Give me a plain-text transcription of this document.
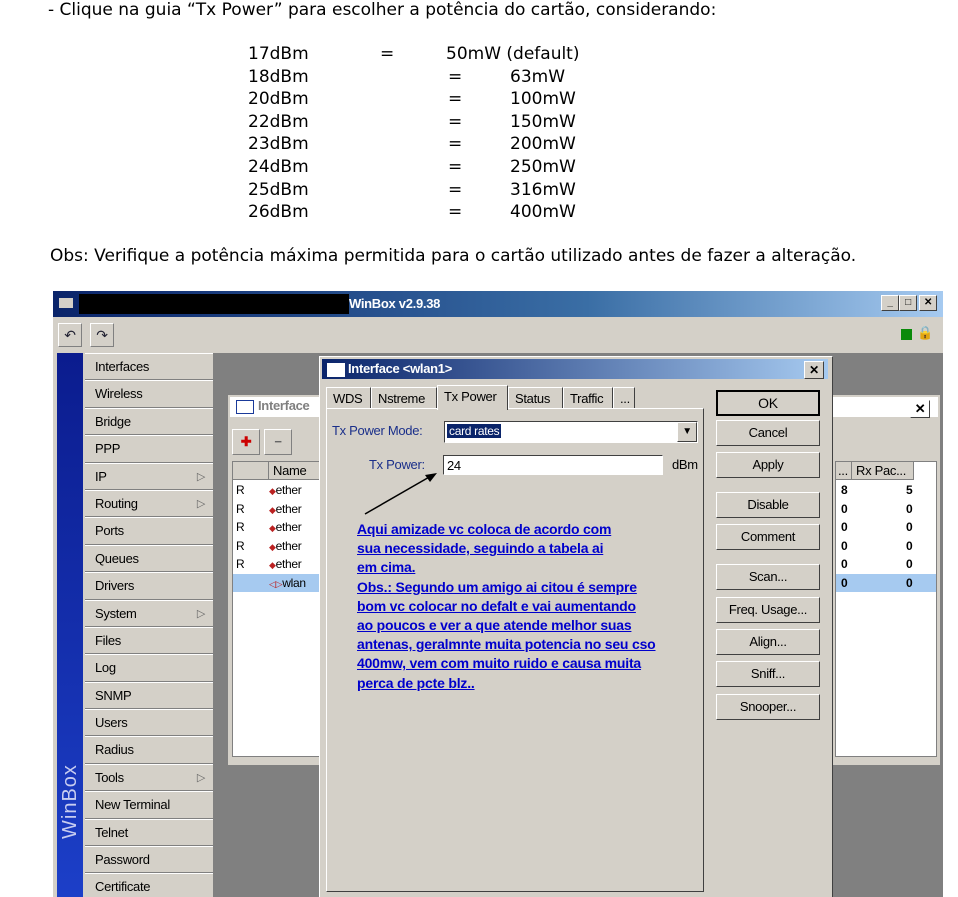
- Clique na guia “Tx Power” para escolher a potência do cartão, considerando:
17dBm	=	50mW (default)
18dBm	=	63mW
20dBm	=	100mW
22dBm	=	150mW
23dBm	=	200mW
24dBm	=	250mW
25dBm	=	316mW
26dBm	=	400mW
Obs: Verifique a potência máxima permitida para o cartão utilizado antes de fazer a alteração.
WinBox v2.9.38	_	□	✕
↶	↷	🔒
WinBox
Interfaces
Wireless
Bridge
PPP
IP	▷
Routing	▷
Ports
Queues
Drivers
System	▷
Files
Log
SNMP
Users
Radius
Tools	▷
New Terminal
Telnet
Password
Certificate
Interface	✕
✚	−
Name
R	◆ether
R	◆ether
R	◆ether
R	◆ether
R	◆ether
◁▷wlan
... Rx Pac...
8	5
0	0
0	0
0	0
0	0
0	0
Interface <wlan1>	✕
WDS	Nstreme	Tx Power	Status	Traffic	...
Tx Power Mode: card rates	▼
Tx Power:	24	dBm
Aqui amizade vc coloca de acordo com
sua necessidade, seguindo a tabela ai
em cima.
Obs.: Segundo um amigo ai citou é sempre
bom vc colocar no defalt e vai aumentando
ao poucos e ver a que atende melhor suas
antenas, geralmnte muita potencia no seu cso
400mw, vem com muito ruido e causa muita
perca de pcte blz..
OK
Cancel
Apply
Disable
Comment
Scan...
Freq. Usage...
Align...
Sniff...
Snooper...
